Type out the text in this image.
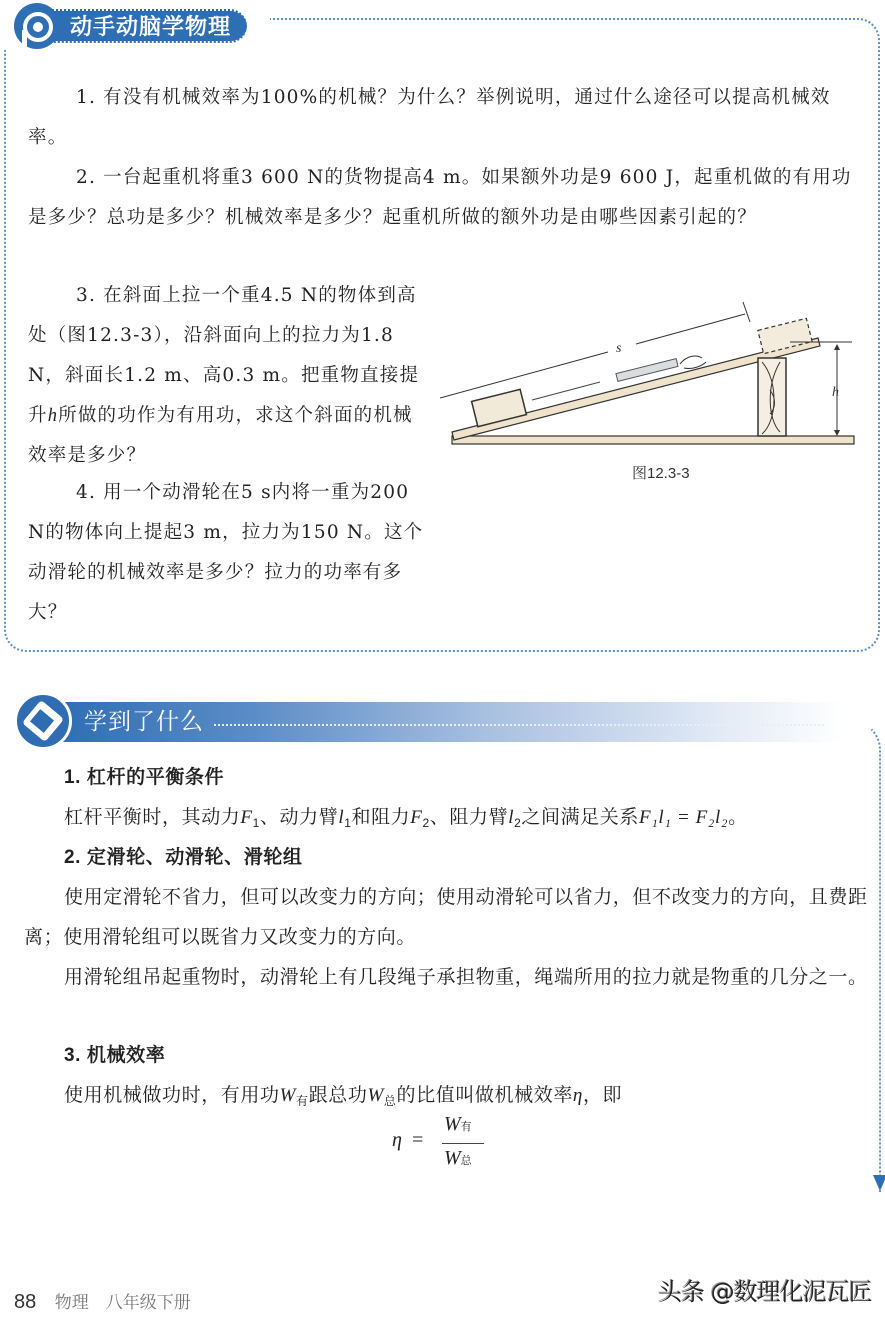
动手动脑学物理
1. 有没有机械效率为100%的机械？为什么？举例说明，通过什么途径可以提高机械效率。
2. 一台起重机将重3 600 N的货物提高4 m。如果额外功是9 600 J，起重机做的有用功是多少？总功是多少？机械效率是多少？起重机所做的额外功是由哪些因素引起的？
3. 在斜面上拉一个重4.5 N的物体到高处（图12.3-3），沿斜面向上的拉力为1.8 N，斜面长1.2 m、高0.3 m。把重物直接提升h所做的功作为有用功，求这个斜面的机械效率是多少？
4. 用一个动滑轮在5 s内将一重为200 N的物体向上提起3 m，拉力为150 N。这个动滑轮的机械效率是多少？拉力的功率有多大？
s
h
图12.3-3
学到了什么
1. 杠杆的平衡条件
杠杆平衡时，其动力$F_1$、动力臂$l_1$和阻力$F_2$、阻力臂$l_2$之间满足关系F₁l₁ = F₂l₂。
2. 定滑轮、动滑轮、滑轮组
使用定滑轮不省力，但可以改变力的方向；使用动滑轮可以省力，但不改变力的方向，且费距离；使用滑轮组可以既省力又改变力的方向。
用滑轮组吊起重物时，动滑轮上有几段绳子承担物重，绳端所用的拉力就是物重的几分之一。
3. 机械效率
使用机械做功时，有用功$W_有$跟总功$W_总$的比值叫做机械效率η，即
η =
W有
W总
88 物理　八年级下册	头条 @数理化泥瓦匠
